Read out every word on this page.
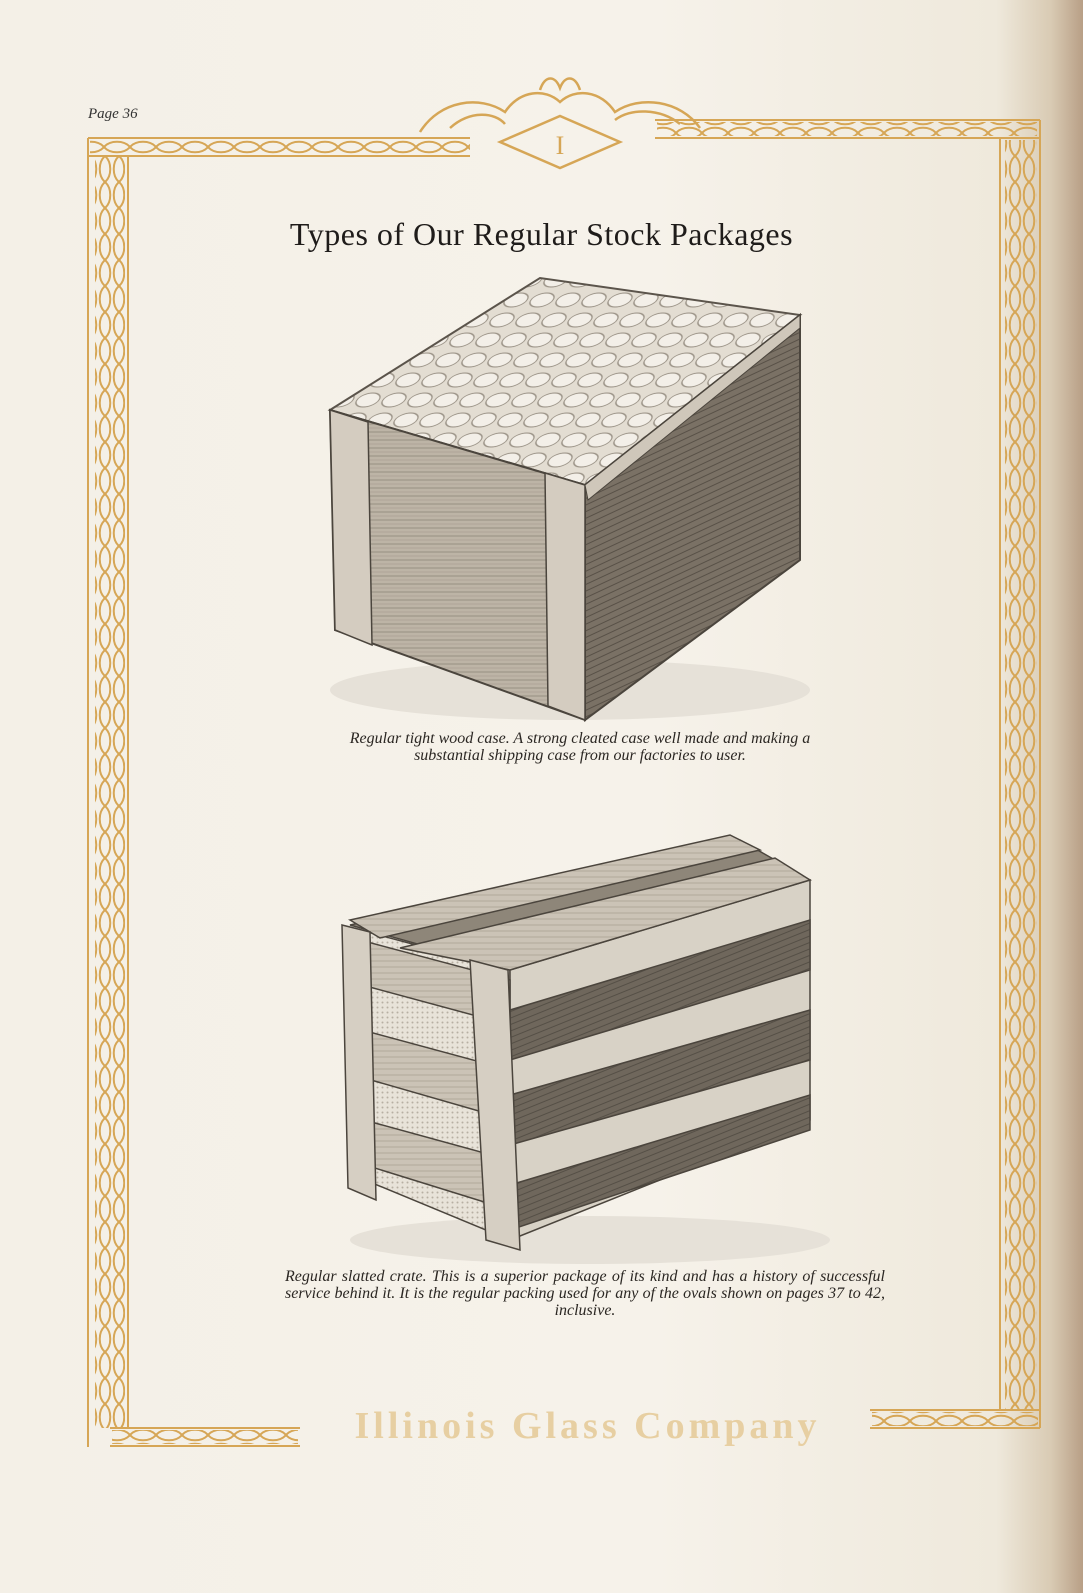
Page 36
I
Types of Our Regular Stock Packages
Regular tight wood case. A strong cleated case well made and making a substantial shipping case from our factories to user.
Regular slatted crate. This is a superior package of its kind and has a history of successful service behind it. It is the regular packing used for any of the ovals shown on pages 37 to 42, inclusive.
Illinois Glass Company
